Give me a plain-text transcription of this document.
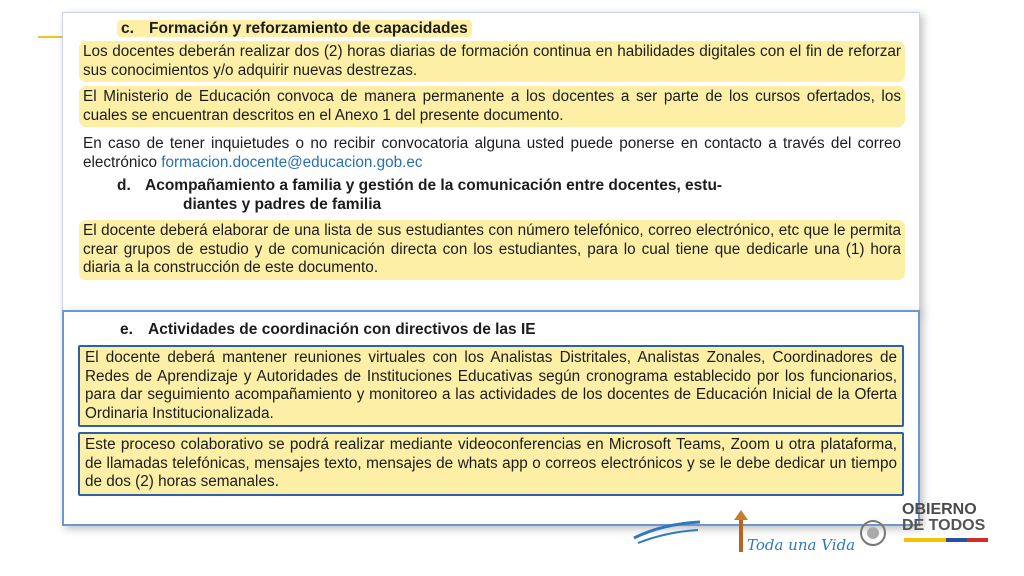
c. Formación y reforzamiento de capacidades

Los docentes deberán realizar dos (2) horas diarias de formación continua en habilidades digitales con el fin de reforzar sus conocimientos y/o adquirir nuevas destrezas.

El Ministerio de Educación convoca de manera permanente a los docentes a ser parte de los cursos ofertados, los cuales se encuentran descritos en el Anexo 1 del presente documento.

En caso de tener inquietudes o no recibir convocatoria alguna usted puede ponerse en contacto a través del correo electrónico formacion.docente@educacion.gob.ec

d. Acompañamiento a familia y gestión de la comunicación entre docentes, estu-
diantes y padres de familia

El docente deberá elaborar de una lista de sus estudiantes con número telefónico, correo electrónico, etc que le permita crear grupos de estudio y de comunicación directa con los estudiantes, para lo cual tiene que dedicarle una (1) hora diaria a la construcción de este documento.

e. Actividades de coordinación con directivos de las IE

El docente deberá mantener reuniones virtuales con los Analistas Distritales, Analistas Zonales, Coordinadores de Redes de Aprendizaje y Autoridades de Instituciones Educativas según cronograma establecido por los funcionarios, para dar seguimiento acompañamiento y monitoreo a las actividades de los docentes de Educación Inicial de la Oferta Ordinaria Institucionalizada.

Este proceso colaborativo se podrá realizar mediante videoconferencias en Microsoft Teams, Zoom u otra plataforma, de llamadas telefónicas, mensajes texto, mensajes de whats app o correos electrónicos y se le debe dedicar un tiempo de dos (2) horas semanales.

Toda una Vida
OBIERNO
DE TODOS
